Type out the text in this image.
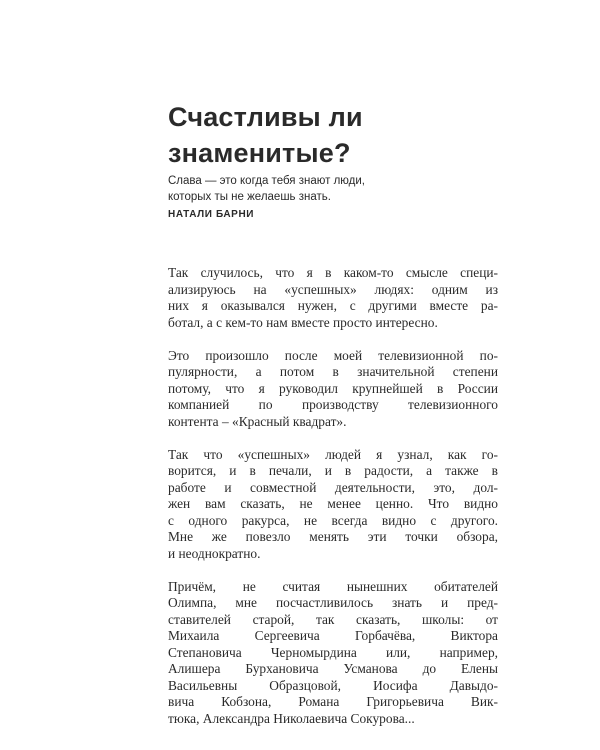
Счастливы ли
знаменитые?
Слава — это когда тебя знают люди,
которых ты не желаешь знать.
НАТАЛИ БАРНИ

Так случилось, что я в каком-то смысле специ-
ализируюсь на «успешных» людях: одним из
них я оказывался нужен, с другими вместе ра-
ботал, а с кем-то нам вместе просто интересно.

Это произошло после моей телевизионной по-
пулярности, а потом в значительной степени
потому, что я руководил крупнейшей в России
компанией по производству телевизионного
контента – «Красный квадрат».

Так что «успешных» людей я узнал, как го-
ворится, и в печали, и в радости, а также в
работе и совместной деятельности, это, дол-
жен вам сказать, не менее ценно. Что видно
с одного ракурса, не всегда видно с другого.
Мне же повезло менять эти точки обзора,
и неоднократно.

Причём, не считая нынешних обитателей
Олимпа, мне посчастливилось знать и пред-
ставителей старой, так сказать, школы: от
Михаила Сергеевича Горбачёва, Виктора
Степановича Черномырдина или, например,
Алишера Бурхановича Усманова до Елены
Васильевны Образцовой, Иосифа Давыдо-
вича Кобзона, Романа Григорьевича Вик-
тюка, Александра Николаевича Сокурова...
